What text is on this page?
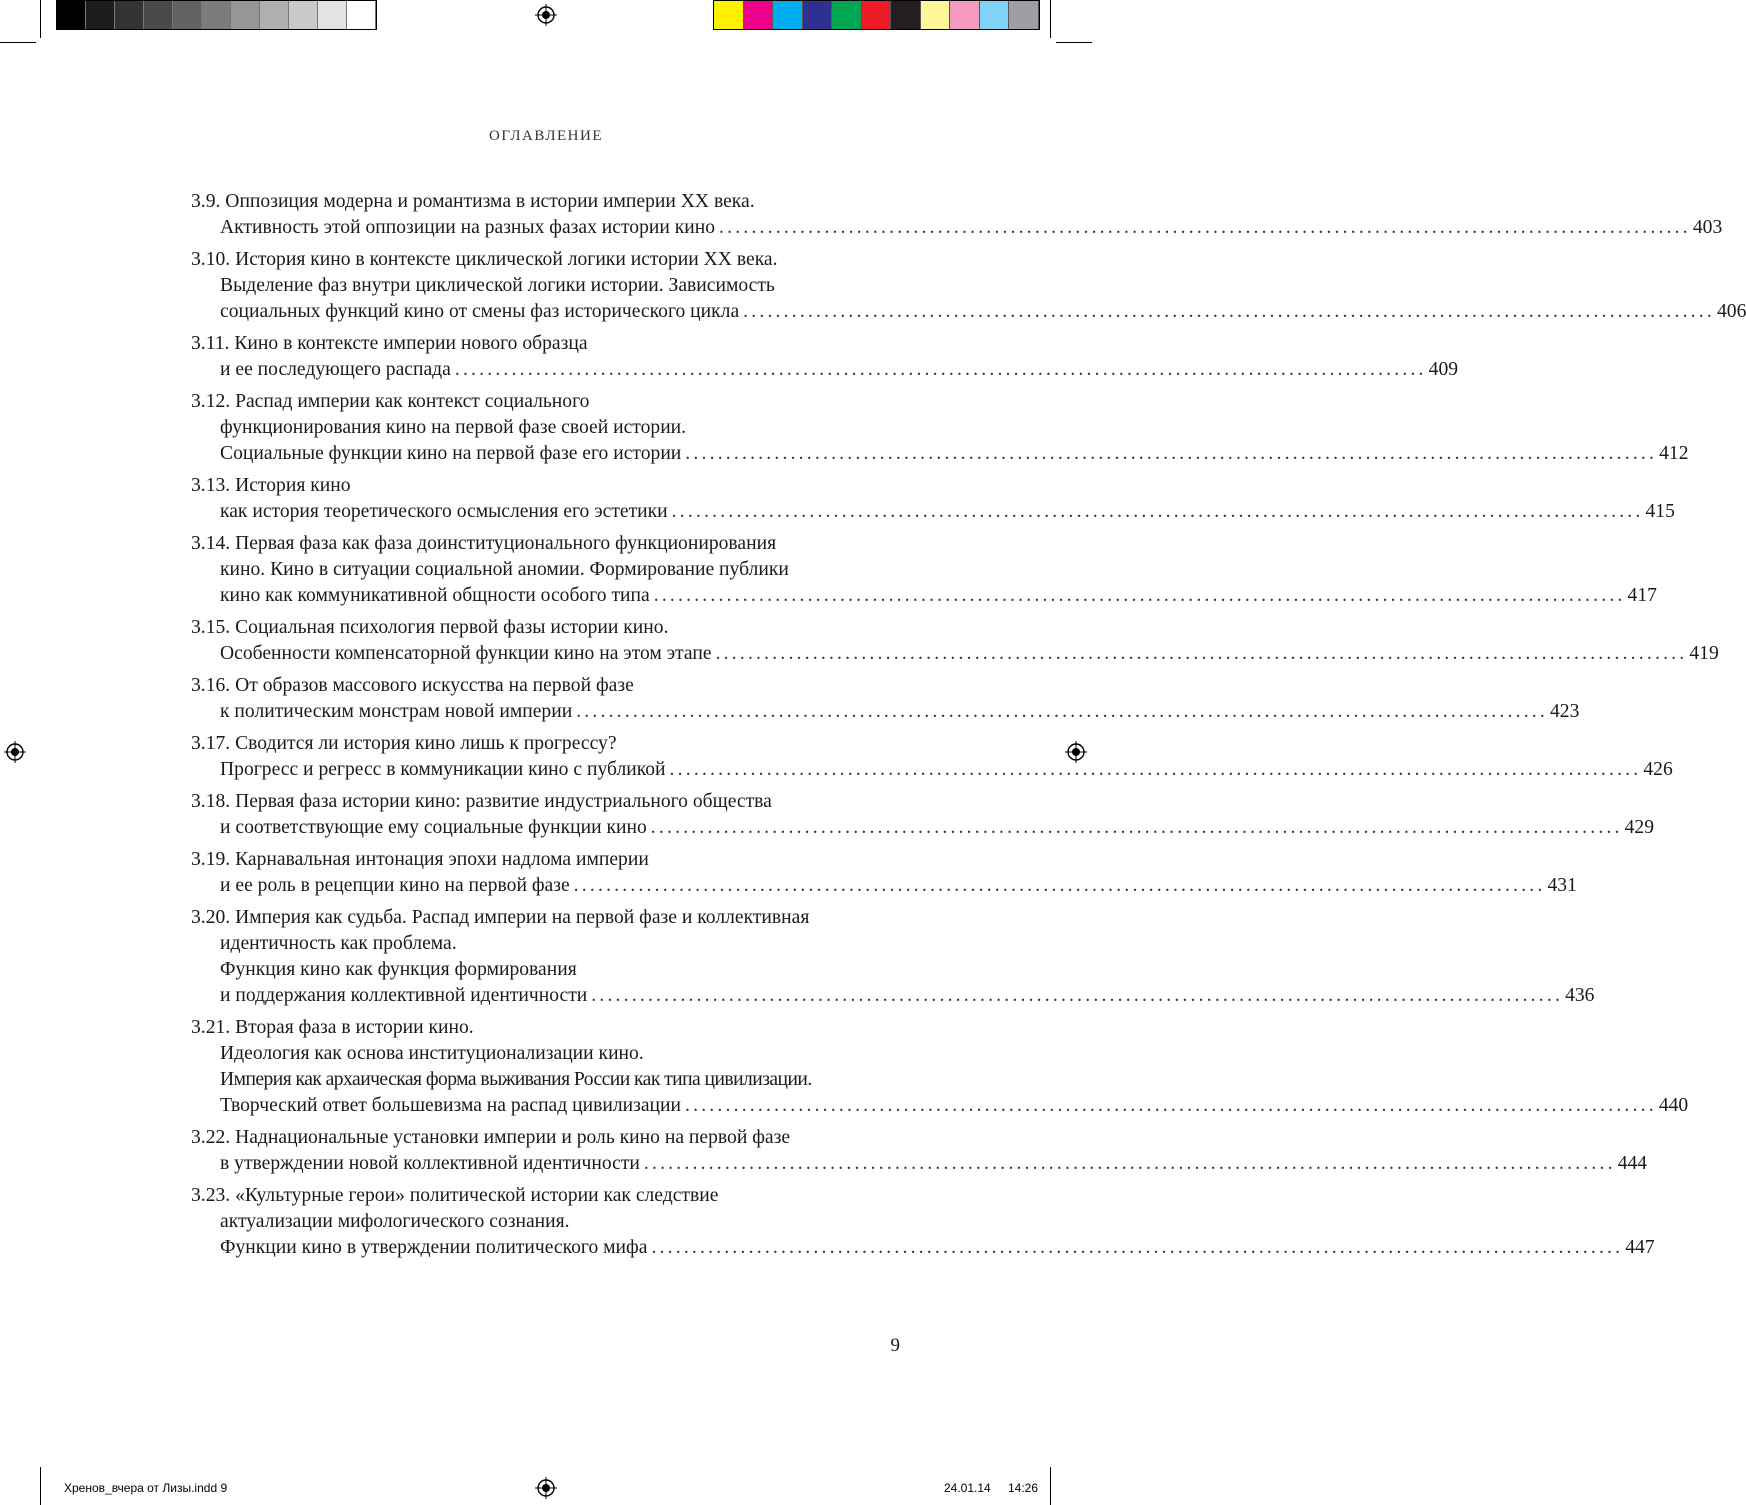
ОГЛАВЛЕНИЕ
3.9. Оппозиция модерна и романтизма в истории империи XX века.
Активность этой оппозиции на разных фазах истории кино ........................................................................................................................ 403
3.10. История кино в контексте циклической логики истории XX века.
Выделение фаз внутри циклической логики истории. Зависимость
социальных функций кино от смены фаз исторического цикла ........................................................................................................................ 406
3.11. Кино в контексте империи нового образца
и ее последующего распада ........................................................................................................................ 409
3.12. Распад империи как контекст социального
функционирования кино на первой фазе своей истории.
Социальные функции кино на первой фазе его истории ........................................................................................................................ 412
3.13. История кино
как история теоретического осмысления его эстетики ........................................................................................................................ 415
3.14. Первая фаза как фаза доинституционального функционирования
кино. Кино в ситуации социальной аномии. Формирование публики
кино как коммуникативной общности особого типа ........................................................................................................................ 417
3.15. Социальная психология первой фазы истории кино.
Особенности компенсаторной функции кино на этом этапе ........................................................................................................................ 419
3.16. От образов массового искусства на первой фазе
к политическим монстрам новой империи ........................................................................................................................ 423
3.17. Сводится ли история кино лишь к прогрессу?
Прогресс и регресс в коммуникации кино с публикой ........................................................................................................................ 426
3.18. Первая фаза истории кино: развитие индустриального общества
и соответствующие ему социальные функции кино ........................................................................................................................ 429
3.19. Карнавальная интонация эпохи надлома империи
и ее роль в рецепции кино на первой фазе ........................................................................................................................ 431
3.20. Империя как судьба. Распад империи на первой фазе и коллективная
идентичность как проблема.
Функция кино как функция формирования
и поддержания коллективной идентичности ........................................................................................................................ 436
3.21. Вторая фаза в истории кино.
Идеология как основа институционализации кино.
Империя как архаическая форма выживания России как типа цивилизации.
Творческий ответ большевизма на распад цивилизации ........................................................................................................................ 440
3.22. Наднациональные установки империи и роль кино на первой фазе
в утверждении новой коллективной идентичности ........................................................................................................................ 444
3.23. «Культурные герои» политической истории как следствие
актуализации мифологического сознания.
Функции кино в утверждении политического мифа ........................................................................................................................ 447
9
Хренов_вчера от Лизы.indd 9	24.01.14 14:26
